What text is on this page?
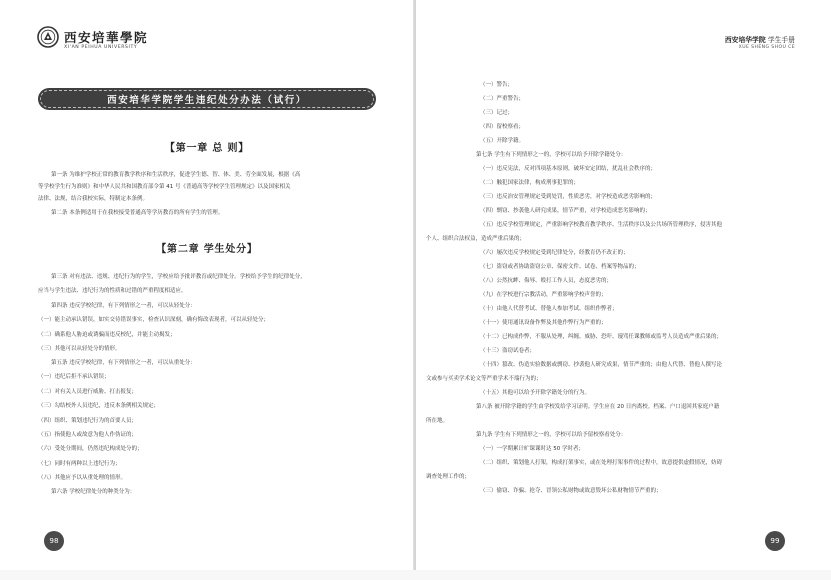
西安培華學院
XI'AN PEIHUA UNIVERSITY
西安培华学院学生违纪处分办法（试行）
【第一章 总 则】
第一条 为维护学校正常的教育教学秩序和生活秩序，促进学生德、智、体、美、劳全面发展，根据《高
等学校学生行为准则》和中华人民共和国教育部令第 41 号《普通高等学校学生管理规定》以及国家相关
法律、法规，结合我校实际，特制定本条例。
第二条 本条例适用于在我校接受普通高等学历教育的所有学生的管理。
【第二章 学生处分】
第三条 对有违法、违规、违纪行为的学生，学校应给予批评教育或纪律处分。学校给予学生的纪律处分，
应当与学生违法、违纪行为的性质和过错的严重程度相适应。
第四条 违反学校纪律，有下列情形之一者，可以从轻处分：
（一）能主动承认错误，如实交待错误事实，检查认识深刻，确有悔改表现者，可以从轻处分；
（二）确系他人胁迫或诱骗而违反校纪，并能主动揭发；
（三）其他可以从轻处分的情形。
第五条 违反学校纪律，有下列情形之一者，可以从重处分：
（一）违纪后拒不承认错误；
（二）对有关人员进行威胁、打击报复；
（三）勾结校外人员违纪，违反本条例相关规定；
（四）组织、策划违纪行为的首要人员；
（五）指使他人或故意为他人作伪证的；
（六）受处分期间，仍然违纪构成处分的；
（七）同时有两种以上违纪行为；
（八）其他应予以从重处理的情形。
第六条 学校纪律处分的种类分为：
98
西安培华学院 学生手册
XUE SHENG SHOU CE
（一）警告；
（二）严重警告；
（三）记过；
（四）留校察看；
（五）开除学籍。
第七条 学生有下列情形之一的，学校可以给予开除学籍处分：
（一）违反宪法，反对四项基本原则，破坏安定团结，扰乱社会秩序的；
（二）触犯国家法律，构成刑事犯罪的；
（三）违反治安管理规定受到处罚，性质恶劣，对学校造成恶劣影响的；
（四）剽窃、抄袭他人研究成果，情节严重，对学校造成恶劣影响的；
（五）违反学校管理规定，严重影响学校教育教学秩序、生活秩序以及公共场所管理秩序，侵害其他
个人、组织合法权益，造成严重后果的；
（六）屡次违反学校规定受到纪律处分，经教育仍不改正的；
（七）盗窃或者协助盗窃公章、保密文件、试卷、档案等物品的；
（八）公然抗衅、侮辱、殴打工作人员，态度恶劣的；
（九）在学校进行宗教活动，严重影响学校声誉的；
（十）由他人代替考试、替他人参加考试、组织作弊者；
（十一）使用通讯设备作弊及其他作弊行为严重的；
（十二）已构成作弊，不服从处理，纠缠、威胁、恐吓、谩骂任课教师或监考人员造成严重后果的；
（十三）盗窃试卷者；
（十四）篡改、伪造实验数据或剽窃、抄袭他人研究成果，情节严重的；由他人代替、替他人撰写论
文或参与买卖学术论文等严重学术不端行为的；
（十五）其他可以给予开除学籍处分的行为。
第八条 被开除学籍的学生由学校发给学习证明。学生应在 20 日内离校。档案、户口退回其家庭户籍
所在地。
第九条 学生有下列情形之一的，学校可以给予留校察看处分：
（一）一学期累计旷课课时达 50 学时者；
（二）组织、策划他人打架，构成打架事实，或在处理打架事件的过程中，故意提供虚假情况，妨碍
调查处理工作的；
（三）偷窃、诈骗、抢夺、冒领公私财物或故意毁坏公私财物情节严重的；
99
